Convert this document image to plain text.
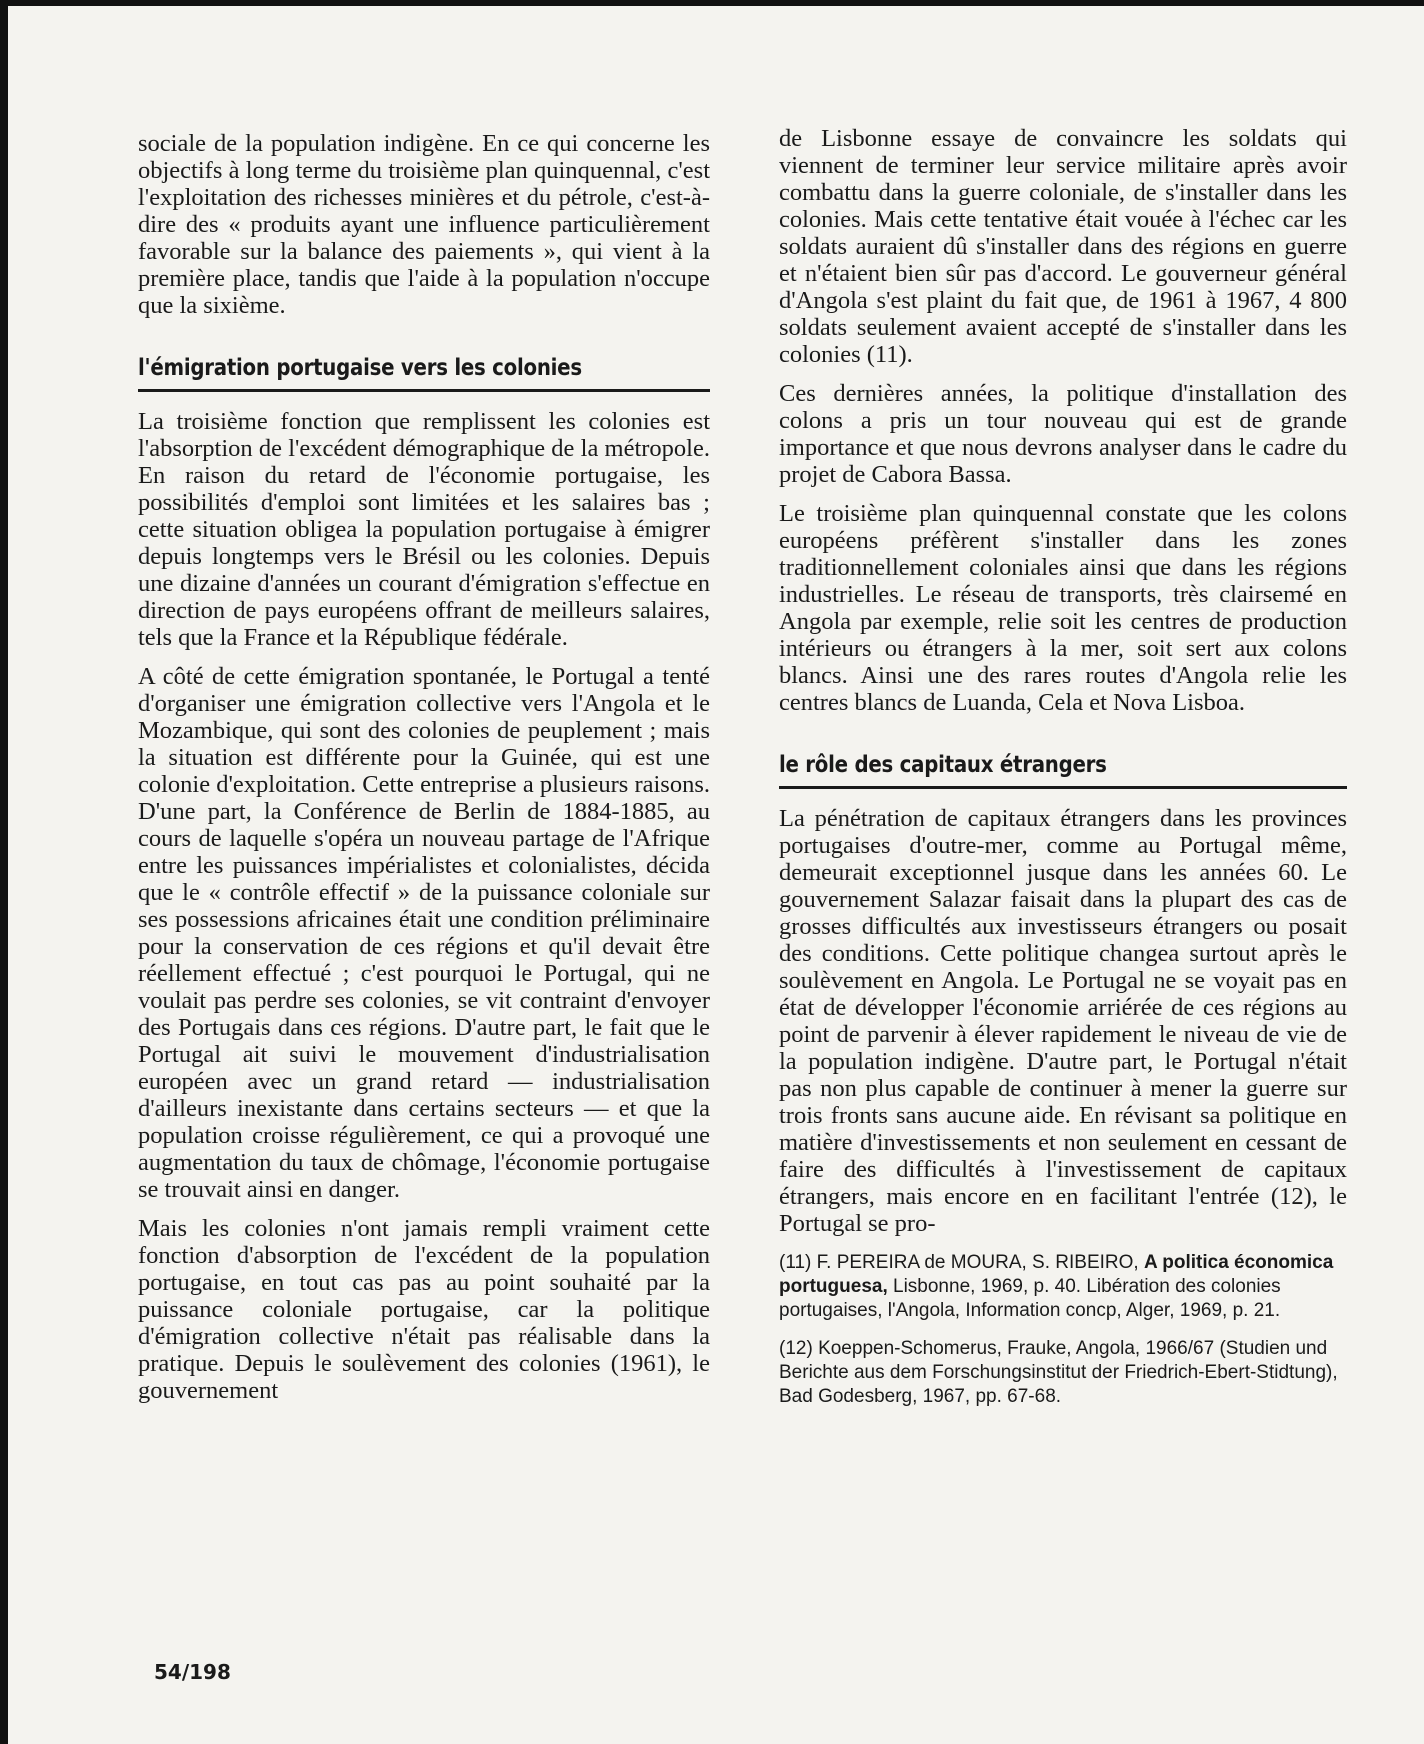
sociale de la population indigène. En ce qui concerne les objectifs à long terme du troisième plan quinquennal, c'est l'exploitation des richesses minières et du pétrole, c'est-à-dire des « produits ayant une influence particulièrement favorable sur la balance des paiements », qui vient à la première place, tandis que l'aide à la population n'occupe que la sixième.

l'émigration portugaise vers les colonies

La troisième fonction que remplissent les colonies est l'absorption de l'excédent démographique de la métropole. En raison du retard de l'économie portugaise, les possibilités d'emploi sont limitées et les salaires bas ; cette situation obligea la population portugaise à émigrer depuis longtemps vers le Brésil ou les colonies. Depuis une dizaine d'années un courant d'émigration s'effectue en direction de pays européens offrant de meilleurs salaires, tels que la France et la République fédérale.

A côté de cette émigration spontanée, le Portugal a tenté d'organiser une émigration collective vers l'Angola et le Mozambique, qui sont des colonies de peuplement ; mais la situation est différente pour la Guinée, qui est une colonie d'exploitation. Cette entreprise a plusieurs raisons. D'une part, la Conférence de Berlin de 1884-1885, au cours de laquelle s'opéra un nouveau partage de l'Afrique entre les puissances impérialistes et colonialistes, décida que le « contrôle effectif » de la puissance coloniale sur ses possessions africaines était une condition préliminaire pour la conservation de ces régions et qu'il devait être réellement effectué ; c'est pourquoi le Portugal, qui ne voulait pas perdre ses colonies, se vit contraint d'envoyer des Portugais dans ces régions. D'autre part, le fait que le Portugal ait suivi le mouvement d'industrialisation européen avec un grand retard — industrialisation d'ailleurs inexistante dans certains secteurs — et que la population croisse régulièrement, ce qui a provoqué une augmentation du taux de chômage, l'économie portugaise se trouvait ainsi en danger.

Mais les colonies n'ont jamais rempli vraiment cette fonction d'absorption de l'excédent de la population portugaise, en tout cas pas au point souhaité par la puissance coloniale portugaise, car la politique d'émigration collective n'était pas réalisable dans la pratique. Depuis le soulèvement des colonies (1961), le gouvernement

de Lisbonne essaye de convaincre les soldats qui viennent de terminer leur service militaire après avoir combattu dans la guerre coloniale, de s'installer dans les colonies. Mais cette tentative était vouée à l'échec car les soldats auraient dû s'installer dans des régions en guerre et n'étaient bien sûr pas d'accord. Le gouverneur général d'Angola s'est plaint du fait que, de 1961 à 1967, 4 800 soldats seulement avaient accepté de s'installer dans les colonies (11).

Ces dernières années, la politique d'installation des colons a pris un tour nouveau qui est de grande importance et que nous devrons analyser dans le cadre du projet de Cabora Bassa.

Le troisième plan quinquennal constate que les colons européens préfèrent s'installer dans les zones traditionnellement coloniales ainsi que dans les régions industrielles. Le réseau de transports, très clairsemé en Angola par exemple, relie soit les centres de production intérieurs ou étrangers à la mer, soit sert aux colons blancs. Ainsi une des rares routes d'Angola relie les centres blancs de Luanda, Cela et Nova Lisboa.

le rôle des capitaux étrangers

La pénétration de capitaux étrangers dans les provinces portugaises d'outre-mer, comme au Portugal même, demeurait exceptionnel jusque dans les années 60. Le gouvernement Salazar faisait dans la plupart des cas de grosses difficultés aux investisseurs étrangers ou posait des conditions. Cette politique changea surtout après le soulèvement en Angola. Le Portugal ne se voyait pas en état de développer l'économie arriérée de ces régions au point de parvenir à élever rapidement le niveau de vie de la population indigène. D'autre part, le Portugal n'était pas non plus capable de continuer à mener la guerre sur trois fronts sans aucune aide. En révisant sa politique en matière d'investissements et non seulement en cessant de faire des difficultés à l'investissement de capitaux étrangers, mais encore en en facilitant l'entrée (12), le Portugal se pro-

(11) F. PEREIRA de MOURA, S. RIBEIRO, A politica économica portuguesa, Lisbonne, 1969, p. 40. Libération des colonies portugaises, l'Angola, Information concp, Alger, 1969, p. 21.

(12) Koeppen-Schomerus, Frauke, Angola, 1966/67 (Studien und Berichte aus dem Forschungsinstitut der Friedrich-Ebert-Stidtung), Bad Godesberg, 1967, pp. 67-68.

54/198
